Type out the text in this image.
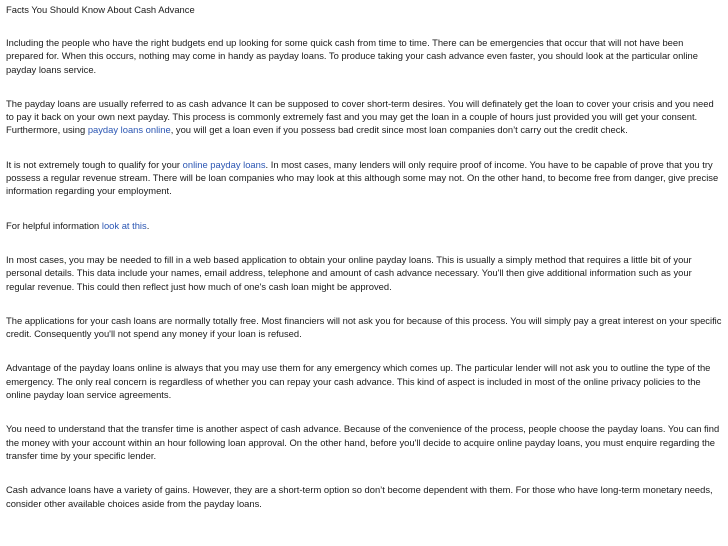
Facts You Should Know About Cash Advance

Including the people who have the right budgets end up looking for some quick cash from time to time. There can be emergencies that occur that will not have been prepared for. When this occurs, nothing may come in handy as payday loans. To produce taking your cash advance even faster, you should look at the particular online payday loans service.

The payday loans are usually referred to as cash advance It can be supposed to cover short-term desires. You will definately get the loan to cover your crisis and you need to pay it back on your own next payday. This process is commonly extremely fast and you may get the loan in a couple of hours just provided you will get your consent. Furthermore, using payday loans online, you will get a loan even if you possess bad credit since most loan companies don’t carry out the credit check.

It is not extremely tough to qualify for your online payday loans. In most cases, many lenders will only require proof of income. You have to be capable of prove that you try possess a regular revenue stream. There will be loan companies who may look at this although some may not. On the other hand, to become free from danger, give precise information regarding your employment.

For helpful information look at this.

In most cases, you may be needed to fill in a web based application to obtain your online payday loans. This is usually a simply method that requires a little bit of your personal details. This data include your names, email address, telephone and amount of cash advance necessary. You'll then give additional information such as your regular revenue. This could then reflect just how much of one's cash loan might be approved.

The applications for your cash loans are normally totally free. Most financiers will not ask you for because of this process. You will simply pay a great interest on your specific credit. Consequently you'll not spend any money if your loan is refused.

Advantage of the payday loans online is always that you may use them for any emergency which comes up. The particular lender will not ask you to outline the type of the emergency. The only real concern is regardless of whether you can repay your cash advance. This kind of aspect is included in most of the online privacy policies to the online payday loan service agreements.

You need to understand that the transfer time is another aspect of cash advance. Because of the convenience of the process, people choose the payday loans. You can find the money with your account within an hour following loan approval. On the other hand, before you'll decide to acquire online payday loans, you must enquire regarding the transfer time by your specific lender.

Cash advance loans have a variety of gains. However, they are a short-term option so don’t become dependent with them. For those who have long-term monetary needs, consider other available choices aside from the payday loans.
